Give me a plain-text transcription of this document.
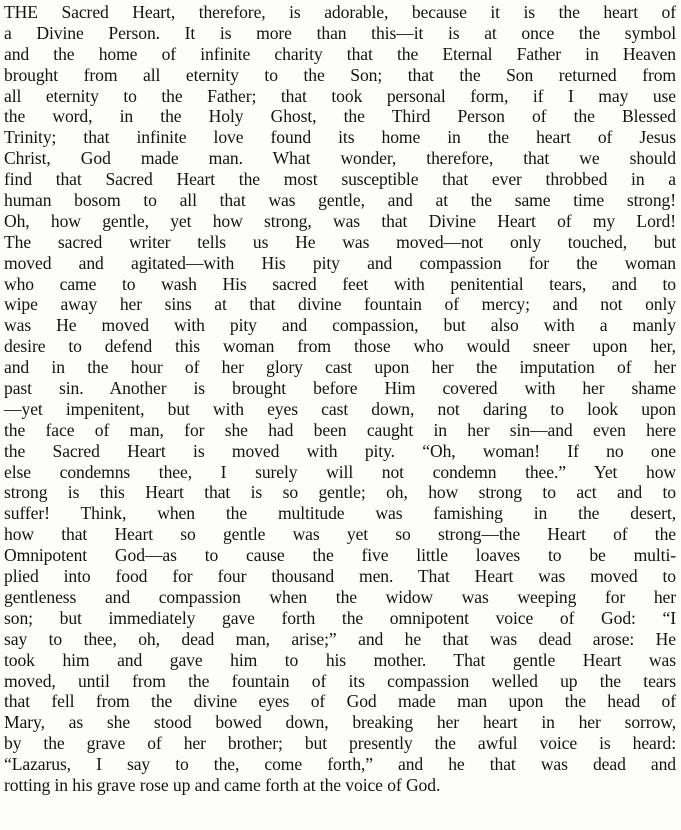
THE Sacred Heart, therefore, is adorable, because it is the heart of
a Divine Person. It is more than this—it is at once the symbol
and the home of infinite charity that the Eternal Father in Heaven
brought from all eternity to the Son; that the Son returned from
all eternity to the Father; that took personal form, if I may use
the word, in the Holy Ghost, the Third Person of the Blessed
Trinity; that infinite love found its home in the heart of Jesus
Christ, God made man. What wonder, therefore, that we should
find that Sacred Heart the most susceptible that ever throbbed in a
human bosom to all that was gentle, and at the same time strong!
Oh, how gentle, yet how strong, was that Divine Heart of my Lord!
The sacred writer tells us He was moved—not only touched, but
moved and agitated—with His pity and compassion for the woman
who came to wash His sacred feet with penitential tears, and to
wipe away her sins at that divine fountain of mercy; and not only
was He moved with pity and compassion, but also with a manly
desire to defend this woman from those who would sneer upon her,
and in the hour of her glory cast upon her the imputation of her
past sin. Another is brought before Him covered with her shame
—yet impenitent, but with eyes cast down, not daring to look upon
the face of man, for she had been caught in her sin—and even here
the Sacred Heart is moved with pity. “Oh, woman! If no one
else condemns thee, I surely will not condemn thee.” Yet how
strong is this Heart that is so gentle; oh, how strong to act and to
suffer! Think, when the multitude was famishing in the desert,
how that Heart so gentle was yet so strong—the Heart of the
Omnipotent God—as to cause the five little loaves to be multi-
plied into food for four thousand men. That Heart was moved to
gentleness and compassion when the widow was weeping for her
son; but immediately gave forth the omnipotent voice of God: “I
say to thee, oh, dead man, arise;” and he that was dead arose: He
took him and gave him to his mother. That gentle Heart was
moved, until from the fountain of its compassion welled up the tears
that fell from the divine eyes of God made man upon the head of
Mary, as she stood bowed down, breaking her heart in her sorrow,
by the grave of her brother; but presently the awful voice is heard:
“Lazarus, I say to the, come forth,” and he that was dead and
rotting in his grave rose up and came forth at the voice of God.
